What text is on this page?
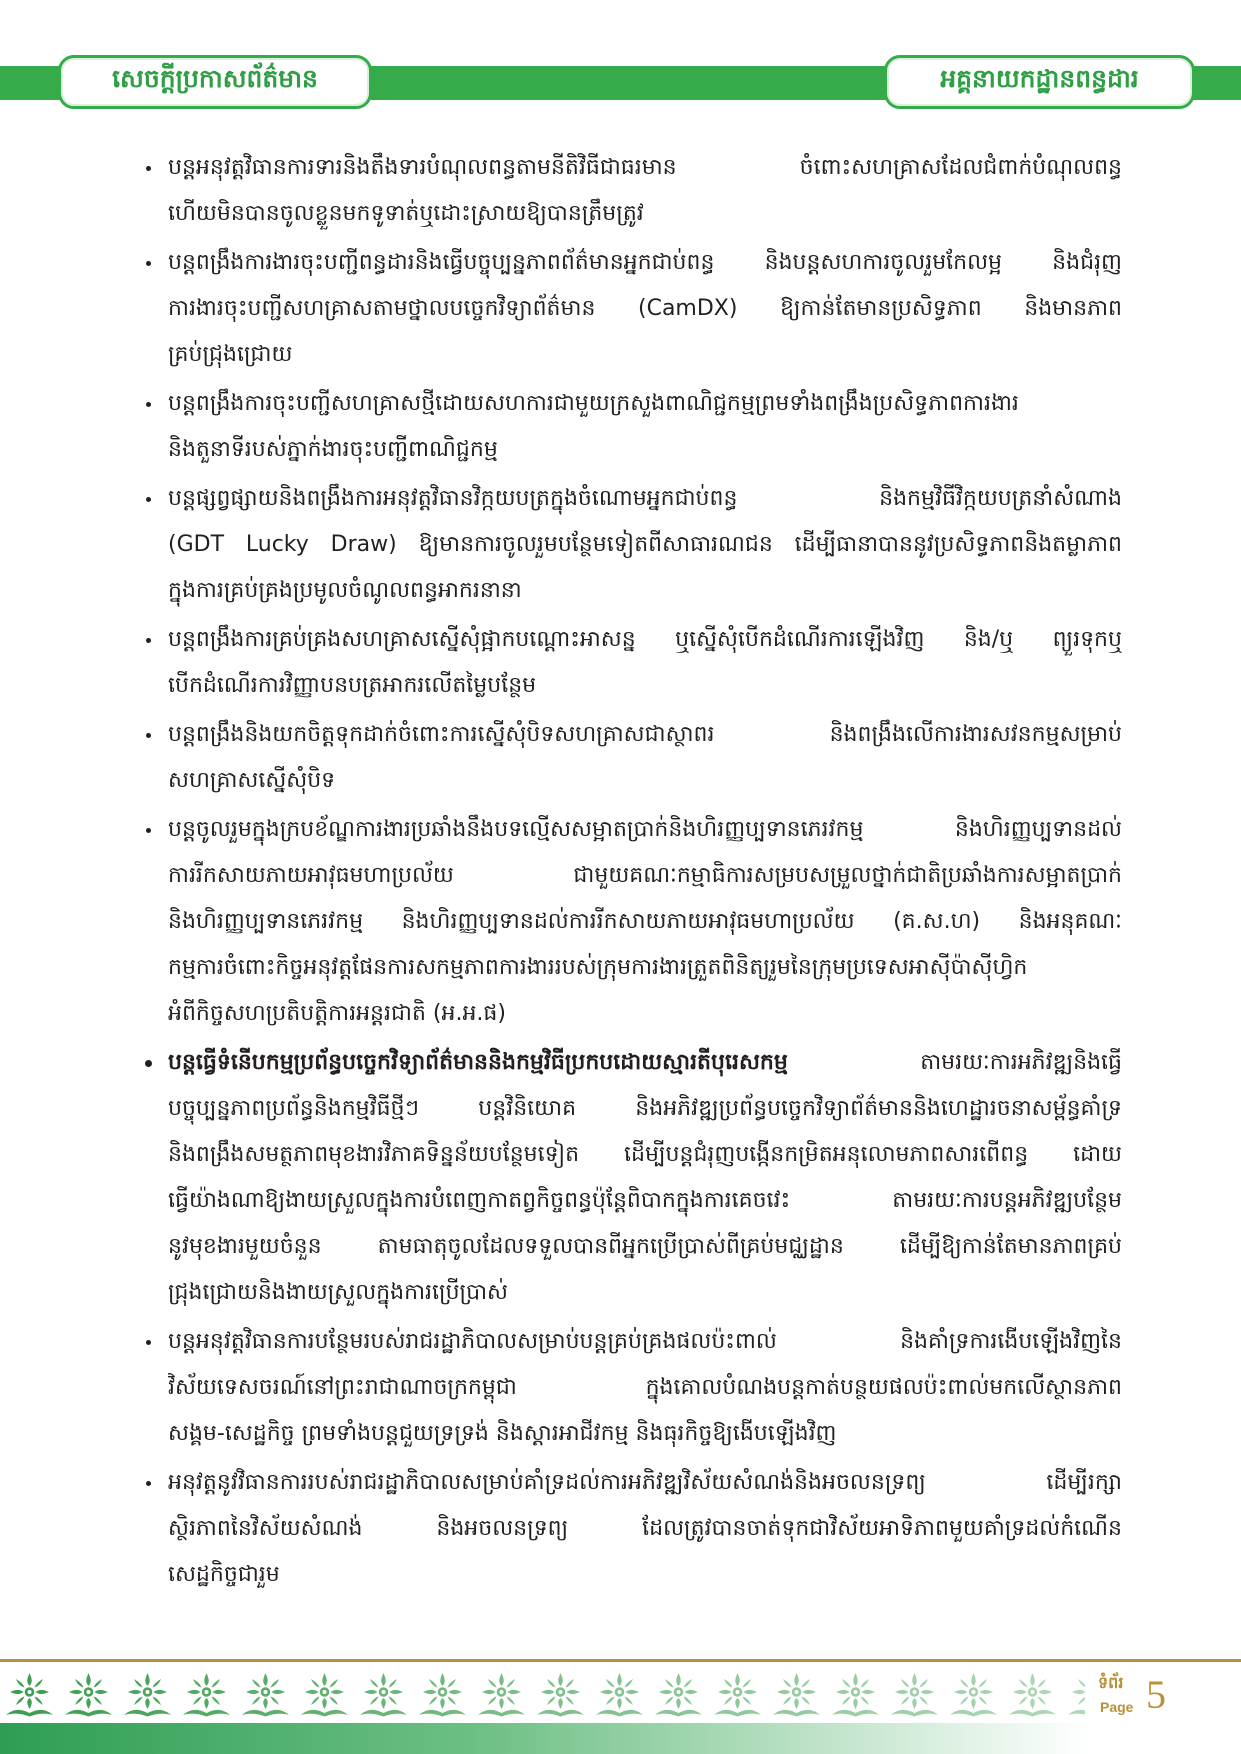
សេចក្តីប្រកាសព័ត៌មាន	អគ្គនាយកដ្ឋានពន្ធដារ
បន្តអនុវត្តវិធានការទារនិងតឹងទារបំណុលពន្ធតាមនីតិវិធីជាធរមាន ចំពោះសហគ្រាសដែលជំពាក់បំណុលពន្ធ
ហើយមិនបានចូលខ្លួនមកទូទាត់ឬដោះស្រាយឱ្យបានត្រឹមត្រូវ
បន្តពង្រឹងការងារចុះបញ្ជីពន្ធដារនិងធ្វើបច្ចុប្បន្នភាពព័ត៌មានអ្នកជាប់ពន្ធ និងបន្តសហការចូលរួមកែលម្អ និងជំរុញ
ការងារចុះបញ្ជីសហគ្រាសតាមថ្នាលបច្ចេកវិទ្យាព័ត៌មាន (CamDX) ឱ្យកាន់តែមានប្រសិទ្ធភាព និងមានភាព
គ្រប់ជ្រុងជ្រោយ
បន្តពង្រឹងការចុះបញ្ជីសហគ្រាសថ្មីដោយសហការជាមួយក្រសួងពាណិជ្ជកម្មព្រមទាំងពង្រឹងប្រសិទ្ធភាពការងារ
និងតួនាទីរបស់ភ្នាក់ងារចុះបញ្ជីពាណិជ្ជកម្ម
បន្តផ្សព្វផ្សាយនិងពង្រឹងការអនុវត្តវិធានវិក្កយបត្រក្នុងចំណោមអ្នកជាប់ពន្ធ និងកម្មវិធីវិក្កយបត្រនាំសំណាង
(GDT Lucky Draw) ឱ្យមានការចូលរួមបន្ថែមទៀតពីសាធារណជន ដើម្បីធានាបាននូវប្រសិទ្ធភាពនិងតម្លាភាព
ក្នុងការគ្រប់គ្រងប្រមូលចំណូលពន្ធអាករនានា
បន្តពង្រឹងការគ្រប់គ្រងសហគ្រាសស្នើសុំផ្អាកបណ្តោះអាសន្ន ឬស្នើសុំបើកដំណើរការឡើងវិញ និង/ឬ ព្យួរទុកឬ
បើកដំណើរការវិញ្ញាបនបត្រអាករលើតម្លៃបន្ថែម
បន្តពង្រឹងនិងយកចិត្តទុកដាក់ចំពោះការស្នើសុំបិទសហគ្រាសជាស្ថាពរ និងពង្រឹងលើការងារសវនកម្មសម្រាប់
សហគ្រាសស្នើសុំបិទ
បន្តចូលរួមក្នុងក្របខ័ណ្ឌការងារប្រឆាំងនឹងបទល្មើសសម្អាតប្រាក់និងហិរញ្ញប្បទានភេរវកម្ម និងហិរញ្ញប្បទានដល់
ការរីកសាយភាយអាវុធមហាប្រល័យ ជាមួយគណៈកម្មាធិការសម្របសម្រួលថ្នាក់ជាតិប្រឆាំងការសម្អាតប្រាក់
និងហិរញ្ញប្បទានភេរវកម្ម និងហិរញ្ញប្បទានដល់ការរីកសាយភាយអាវុធមហាប្រល័យ (គ.ស.ហ) និងអនុគណៈ
កម្មការចំពោះកិច្ចអនុវត្តផែនការសកម្មភាពការងាររបស់ក្រុមការងារត្រួតពិនិត្យរួមនៃក្រុមប្រទេសអាស៊ីប៉ាស៊ីហ្វិក
អំពីកិច្ចសហប្រតិបត្តិការអន្តរជាតិ (អ.អ.ផ)
បន្តធ្វើទំនើបកម្មប្រព័ន្ធបច្ចេកវិទ្យាព័ត៌មាននិងកម្មវិធីប្រកបដោយស្មារតីបុរេសកម្ម	តាមរយៈការអភិវឌ្ឍនិងធ្វើ
បច្ចុប្បន្នភាពប្រព័ន្ធនិងកម្មវិធីថ្មីៗ បន្តវិនិយោគ និងអភិវឌ្ឍប្រព័ន្ធបច្ចេកវិទ្យាព័ត៌មាននិងហេដ្ឋារចនាសម្ព័ន្ធគាំទ្រ
និងពង្រឹងសមត្ថភាពមុខងារវិភាគទិន្នន័យបន្ថែមទៀត ដើម្បីបន្តជំរុញបង្កើនកម្រិតអនុលោមភាពសារពើពន្ធ ដោយ
ធ្វើយ៉ាងណាឱ្យងាយស្រួលក្នុងការបំពេញកាតព្វកិច្ចពន្ធប៉ុន្តែពិបាកក្នុងការគេចវេះ តាមរយៈការបន្តអភិវឌ្ឍបន្ថែម
នូវមុខងារមួយចំនួន តាមធាតុចូលដែលទទួលបានពីអ្នកប្រើប្រាស់ពីគ្រប់មជ្ឈដ្ឋាន ដើម្បីឱ្យកាន់តែមានភាពគ្រប់
ជ្រុងជ្រោយនិងងាយស្រួលក្នុងការប្រើប្រាស់
បន្តអនុវត្តវិធានការបន្ថែមរបស់រាជរដ្ឋាភិបាលសម្រាប់បន្តគ្រប់គ្រងផលប៉ះពាល់ និងគាំទ្រការងើបឡើងវិញនៃ
វិស័យទេសចរណ៍នៅព្រះរាជាណាចក្រកម្ពុជា ក្នុងគោលបំណងបន្តកាត់បន្ថយផលប៉ះពាល់មកលើស្ថានភាព
សង្គម-សេដ្ឋកិច្ច ព្រមទាំងបន្តជួយទ្រទ្រង់ និងស្តារអាជីវកម្ម និងធុរកិច្ចឱ្យងើបឡើងវិញ
អនុវត្តនូវវិធានការរបស់រាជរដ្ឋាភិបាលសម្រាប់គាំទ្រដល់ការអភិវឌ្ឍវិស័យសំណង់និងអចលនទ្រព្យ ដើម្បីរក្សា
ស្ថិរភាពនៃវិស័យសំណង់ និងអចលនទ្រព្យ ដែលត្រូវបានចាត់ទុកជាវិស័យអាទិភាពមួយគាំទ្រដល់កំណើន
សេដ្ឋកិច្ចជារួម
ទំព័រ
Page 5
